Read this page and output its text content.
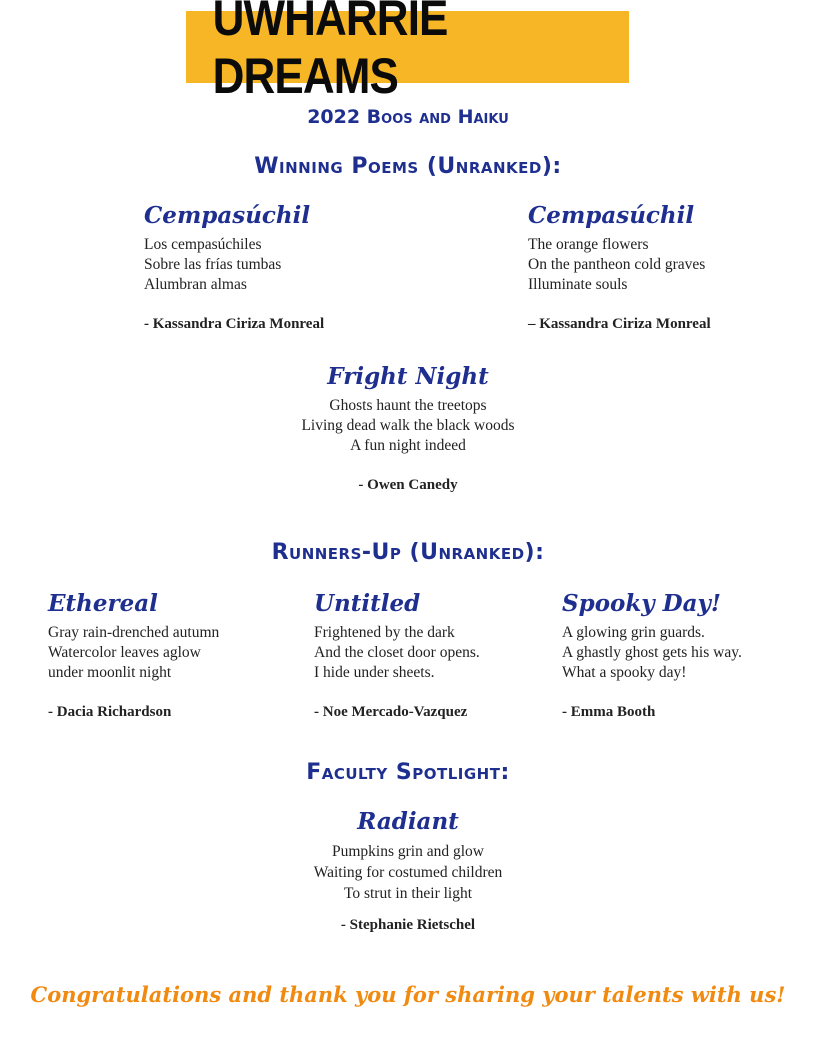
UWHARRIE DREAMS
2022 Boos and Haiku
Winning Poems (Unranked):
Cempasúchil
Los cempasúchiles
Sobre las frías tumbas
Alumbran almas
- Kassandra Ciriza Monreal
Cempasúchil
The orange flowers
On the pantheon cold graves
Illuminate souls
– Kassandra Ciriza Monreal
Fright Night
Ghosts haunt the treetops
Living dead walk the black woods
A fun night indeed
- Owen Canedy
Runners-Up (Unranked):
Ethereal
Gray rain-drenched autumn
Watercolor leaves aglow
under moonlit night
- Dacia Richardson
Untitled
Frightened by the dark
And the closet door opens.
I hide under sheets.
- Noe Mercado-Vazquez
Spooky Day!
A glowing grin guards.
A ghastly ghost gets his way.
What a spooky day!
- Emma Booth
Faculty Spotlight:
Radiant
Pumpkins grin and glow
Waiting for costumed children
To strut in their light
- Stephanie Rietschel
Congratulations and thank you for sharing your talents with us!
